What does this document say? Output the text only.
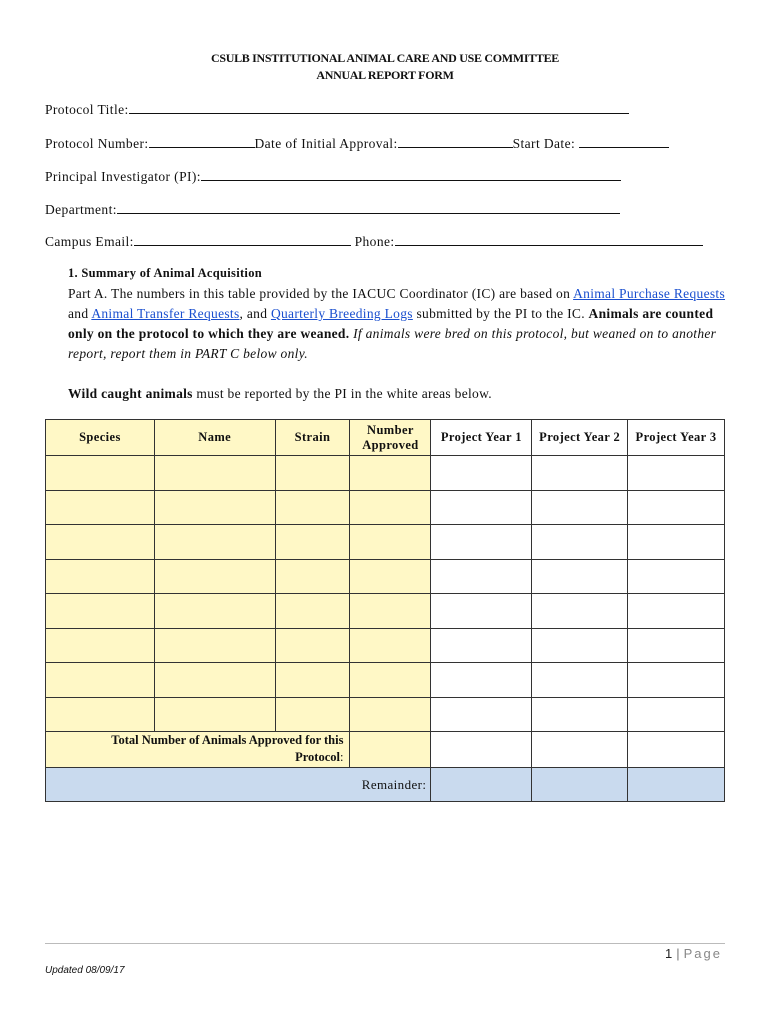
CSULB INSTITUTIONAL ANIMAL CARE AND USE COMMITTEE
ANNUAL REPORT FORM
Protocol Title:
Protocol Number:	Date of Initial Approval:	Start Date:
Principal Investigator (PI):
Department:
Campus Email:	Phone:
1. Summary of Animal Acquisition
Part A. The numbers in this table provided by the IACUC Coordinator (IC) are based on Animal Purchase Requests and Animal Transfer Requests, and Quarterly Breeding Logs submitted by the PI to the IC. Animals are counted only on the protocol to which they are weaned. If animals were bred on this protocol, but weaned on to another report, report them in PART C below only.
Wild caught animals must be reported by the PI in the white areas below.
Species	Name	Strain	Number Approved	Project Year 1	Project Year 2	Project Year 3

Total Number of Animals Approved for this
Protocol:						
Remainder:						
1 | Page
Updated 08/09/17
